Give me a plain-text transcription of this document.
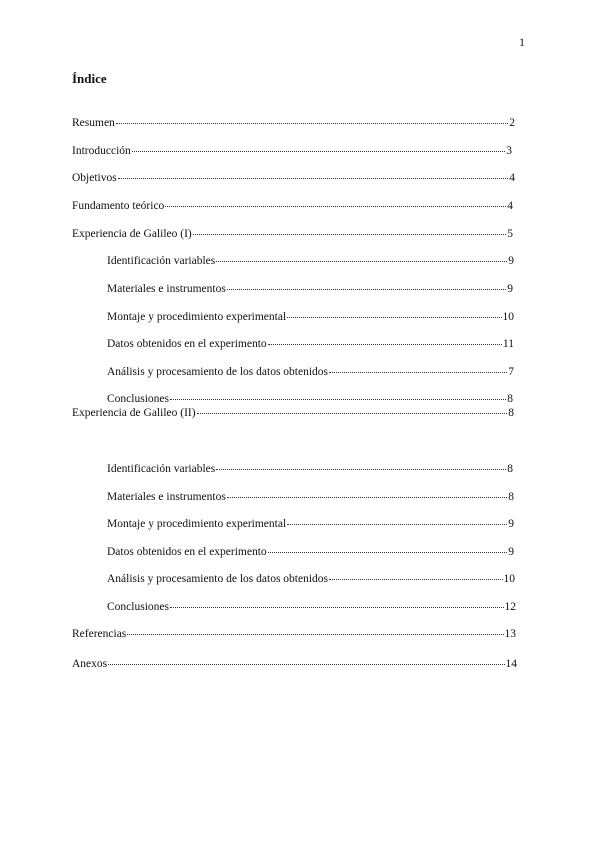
1
Índice
Resumen	2
Introducción	3
Objetivos	4
Fundamento teórico	4
Experiencia de Galileo (I)	5
Identificación variables	9
Materiales e instrumentos	9
Montaje y procedimiento experimental	10
Datos obtenidos en el experimento	11
Análisis y procesamiento de los datos obtenidos	7
Conclusiones	8
Experiencia de Galileo (II)	8
Identificación variables	8
Materiales e instrumentos	8
Montaje y procedimiento experimental	9
Datos obtenidos en el experimento	9
Análisis y procesamiento de los datos obtenidos	10
Conclusiones	12
Referencias	13
Anexos	14
